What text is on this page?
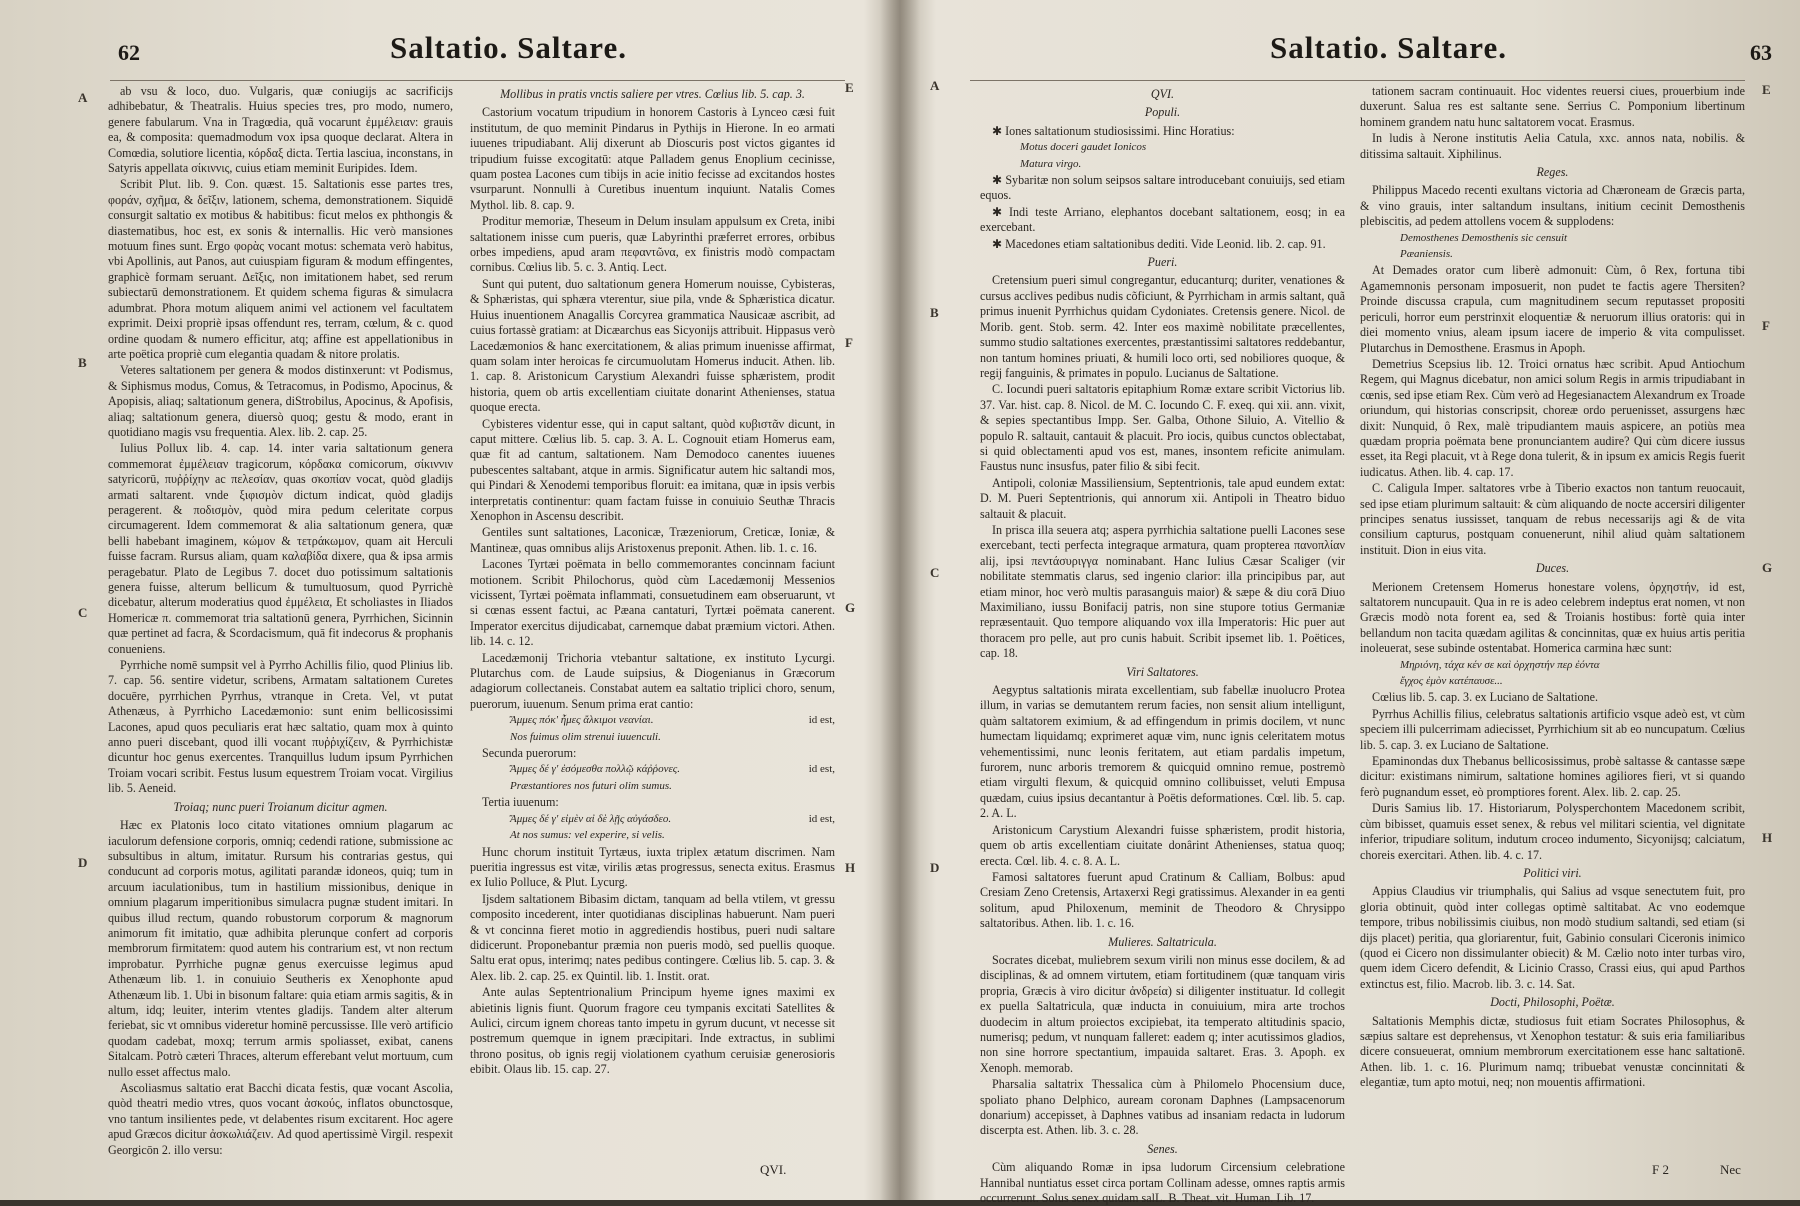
62	Saltatio. Saltare.

ab vsu & loco, duo. Vulgaris, quæ coniugijs ac sacrificijs adhibebatur, & Theatralis. Huius species tres, pro modo, numero, genere fabularum. Vna in Tragœdia, quã vocarunt ἐμμέλειαν: grauis ea, & composita: quemadmodum vox ipsa quoque declarat. Altera in Comœdia, solutiore licentia, κόρδαξ dicta. Tertia lasciua, inconstans, in Satyris appellata σίκιννις, cuius etiam meminit Euripides. Idem.

Scribit Plut. lib. 9. Con. quæst. 15. Saltationis esse partes tres, φοράν, σχῆμα, & δεῖξιν, lationem, schema, demonstrationem. Siquidē consurgit saltatio ex motibus & habitibus: ficut melos ex phthongis & diastematibus, hoc est, ex sonis & internallis. Hic verò mansiones motuum fines sunt. Ergo φορὰς vocant motus: schemata verò habitus, vbi Apollinis, aut Panos, aut cuiuspiam figuram & modum effingentes, graphicè formam seruant. Δεῖξις, non imitationem habet, sed rerum subiectarū demonstrationem. Et quidem schema figuras & simulacra adumbrat. Phora motum aliquem animi vel actionem vel facultatem exprimit. Deixi propriè ipsas offendunt res, terram, cœlum, & c. quod ordine quodam & numero efficitur, atq; affine est appellationibus in arte poëtica propriè cum elegantia quadam & nitore prolatis.

Veteres saltationem per genera & modos distinxerunt: vt Podismus, & Siphismus modus, Comus, & Tetracomus, in Podismo, Apocinus, & Apopisis, aliaq; saltationum genera, diStrobilus, Apocinus, & Apofisis, aliaq; saltationum genera, diuersò quoq; gestu & modo, erant in quotidiano magis vsu frequentia. Alex. lib. 2. cap. 25.

Iulius Pollux lib. 4. cap. 14. inter varia saltationum genera commemorat ἐμμέλειαν tragicorum, κόρδακα comicorum, σίκιννιν satyricorū, πυῤῥίχην ac πελεσίαν, quas σκοπίαν vocat, quòd gladijs armati saltarent. vnde ξιφισμὸν dictum indicat, quòd gladijs peragerent. & ποδισμὸν, quòd mira pedum celeritate corpus circumagerent. Idem commemorat & alia saltationum genera, quæ belli habebant imaginem, κώμον & τετράκωμον, quam ait Herculi fuisse facram. Rursus aliam, quam καλαβίδα dixere, qua & ipsa armis peragebatur. Plato de Legibus 7. docet duo potissimum saltationis genera fuisse, alterum bellicum & tumultuosum, quod Pyrrichè dicebatur, alterum moderatius quod ἐμμέλεια, Et scholiastes in Iliados Homericæ π. commemorat tria saltationū genera, Pyrrhichen, Sicinnin quæ pertinet ad facra, & Scordacismum, quā fit indecorus & prophanis conueniens.

Pyrrhiche nomē sumpsit vel à Pyrrho Achillis filio, quod Plinius lib. 7. cap. 56. sentire videtur, scribens, Armatam saltationem Curetes docuēre, pyrrhichen Pyrrhus, vtranque in Creta. Vel, vt putat Athenæus, à Pyrrhicho Lacedæmonio: sunt enim bellicosissimi Lacones, apud quos peculiaris erat hæc saltatio, quam mox à quinto anno pueri discebant, quod illi vocant πυῤῥιχίζειν, & Pyrrhichistæ dicuntur hoc genus exercentes. Tranquillus ludum ipsum Pyrrhichen Troiam vocari scribit. Festus lusum equestrem Troiam vocat. Virgilius lib. 5. Aeneid.

Troiaq; nunc pueri Troianum dicitur agmen.

Hæc ex Platonis loco citato vitationes omnium plagarum ac iaculorum defensione corporis, omniq; cedendi ratione, submissione ac subsultibus in altum, imitatur. Rursum his contrarias gestus, qui conducunt ad corporis motus, agilitati parandæ idoneos, quiq; tum in arcuum iaculationibus, tum in hastilium missionibus, denique in omnium plagarum imperitionibus simulacra pugnæ student imitari. In quibus illud rectum, quando robustorum corporum & magnorum animorum fit imitatio, quæ adhibita plerunque confert ad corporis membrorum firmitatem: quod autem his contrarium est, vt non rectum improbatur. Pyrrhiche pugnæ genus exercuisse legimus apud Athenæum lib. 1. in conuiuio Seutheris ex Xenophonte apud Athenæum lib. 1. Ubi in bisonum faltare: quia etiam armis sagitis, & in altum, idq; leuiter, interim vtentes gladijs. Tandem alter alterum feriebat, sic vt omnibus videretur hominē percussisse. Ille verò artificio quodam cadebat, moxq; terrum armis spoliasset, exibat, canens Sitalcam. Potrò cæteri Thraces, alterum efferebant velut mortuum, cum nullo esset affectus malo.

Ascoliasmus saltatio erat Bacchi dicata festis, quæ vocant Ascolia, quòd theatri medio vtres, quos vocant ἀσκούς, inflatos obunctosque, vno tantum insilientes pede, vt delabentes risum excitarent. Hoc agere apud Græcos dicitur ἀσκωλιάζειν. Ad quod apertissimè Virgil. respexit Georgicōn 2. illo versu:

Mollibus in pratis vnctis saliere per vtres. Cœlius lib. 5. cap. 3.

Castorium vocatum tripudium in honorem Castoris à Lynceo cæsi fuit institutum, de quo meminit Pindarus in Pythijs in Hierone. In eo armati iuuenes tripudiabant. Alij dixerunt ab Dioscuris post victos gigantes id tripudium fuisse excogitatū: atque Palladem genus Enoplium cecinisse, quam postea Lacones cum tibijs in acie initio fecisse ad excitandos hostes vsurparunt. Nonnulli à Curetibus inuentum inquiunt. Natalis Comes Mythol. lib. 8. cap. 9.

Proditur memoriæ, Theseum in Delum insulam appulsum ex Creta, inibi saltationem inisse cum pueris, quæ Labyrinthi præferret errores, orbibus orbes impediens, apud aram πεφαντῶνα, ex finistris modò compactam cornibus. Cœlius lib. 5. c. 3. Antiq. Lect.

Sunt qui putent, duo saltationum genera Homerum nouisse, Cybisteras, & Sphæristas, qui sphæra vterentur, siue pila, vnde & Sphæristica dicatur. Huius inuentionem Anagallis Corcyrea grammatica Nausicaæ ascribit, ad cuius fortassè gratiam: at Dicæarchus eas Sicyonijs attribuit. Hippasus verò Lacedæmonios & hanc exercitationem, & alias primum inuenisse affirmat, quam solam inter heroicas fe circumuolutam Homerus inducit. Athen. lib. 1. cap. 8. Aristonicum Carystium Alexandri fuisse sphæristem, prodit historia, quem ob artis excellentiam ciuitate donarint Athenienses, statua quoque erecta.

Cybisteres videntur esse, qui in caput saltant, quòd κυβιστᾶν dicunt, in caput mittere. Cœlius lib. 5. cap. 3. A. L. Cognouit etiam Homerus eam, quæ fit ad cantum, saltationem. Nam Demodoco canentes iuuenes pubescentes saltabant, atque in armis. Significatur autem hic saltandi mos, qui Pindari & Xenodemi temporibus floruit: ea imitana, quæ in ipsis verbis interpretatis continentur: quam factam fuisse in conuiuio Seuthæ Thracis Xenophon in Ascensu describit.

Gentiles sunt saltationes, Laconicæ, Træzeniorum, Creticæ, Ioniæ, & Mantineæ, quas omnibus alijs Aristoxenus preponit. Athen. lib. 1. c. 16.

Lacones Tyrtæi poëmata in bello commemorantes concinnam faciunt motionem. Scribit Philochorus, quòd cùm Lacedæmonij Messenios vicissent, Tyrtæi poëmata inflammati, consuetudinem eam obseruarunt, vt si cœnas essent factui, ac Pæana cantaturi, Tyrtæi poëmata canerent. Imperator exercitus dijudicabat, carnemque dabat præmium victori. Athen. lib. 14. c. 12.

Lacedæmonij Trichoria vtebantur saltatione, ex instituto Lycurgi. Plutarchus com. de Laude suipsius, & Diogenianus in Græcorum adagiorum collectaneis. Constabat autem ea saltatio triplici choro, senum, puerorum, iuuenum. Senum prima erat cantio:

Ἄμμες πόκ' ἦμες ἄλκιμοι νεανίαι.	id est,

Nos fuimus olim strenui iuuenculi.

Secunda puerorum:

Ἄμμες δέ γ' ἐσόμεσθα πολλῷ κάῤῥονες.	id est,

Præstantiores nos futuri olim sumus.

Tertia iuuenum:

Ἄμμες δέ γ' εἰμὲν αἰ δὲ λῇς αὐγάσδεο.	id est,

At nos sumus: vel experire, si velis.

Hunc chorum instituit Tyrtæus, iuxta triplex ætatum discrimen. Nam pueritia ingressus est vitæ, virilis ætas progressus, senecta exitus. Erasmus ex Iulio Polluce, & Plut. Lycurg.

Ijsdem saltationem Bibasim dictam, tanquam ad bella vtilem, vt gressu composito incederent, inter quotidianas disciplinas habuerunt. Nam pueri & vt concinna fieret motio in aggrediendis hostibus, pueri nudi saltare didicerunt. Proponebantur præmia non pueris modò, sed puellis quoque. Saltu erat opus, interimq; nates pedibus contingere. Cœlius lib. 5. cap. 3. & Alex. lib. 2. cap. 25. ex Quintil. lib. 1. Instit. orat.

Ante aulas Septentrionalium Principum hyeme ignes maximi ex abietinis lignis fiunt. Quorum fragore ceu tympanis excitati Satellites & Aulici, circum ignem choreas tanto impetu in gyrum ducunt, vt necesse sit postremum quemque in ignem præcipitari. Inde extractus, in sublimi throno positus, ob ignis regij violationem cyathum ceruisiæ generosioris ebibit. Olaus lib. 15. cap. 27.

A
B
C
D
E
F
G
H
QVI.
Saltatio. Saltare.	63

QVI.

Populi.

✱ Iones saltationum studiosissimi. Hinc Horatius:

Motus doceri gaudet Ionicos

Matura virgo.

✱ Sybaritæ non solum seipsos saltare introducebant conuiuijs, sed etiam equos.

✱ Indi teste Arriano, elephantos docebant saltationem, eosq; in ea exercebant.

✱ Macedones etiam saltationibus dediti. Vide Leonid. lib. 2. cap. 91.

Pueri.

Cretensium pueri simul congregantur, educanturq; duriter, venationes & cursus acclives pedibus nudis cõficiunt, & Pyrrhicham in armis saltant, quã primus inuenit Pyrrhichus quidam Cydoniates. Cretensis genere. Nicol. de Morib. gent. Stob. serm. 42. Inter eos maximè nobilitate præcellentes, summo studio saltationes exercentes, præstantissimi saltatores reddebantur, non tantum homines priuati, & humili loco orti, sed nobiliores quoque, & regij fanguinis, & primates in populo. Lucianus de Saltatione.

C. Iocundi pueri saltatoris epitaphium Romæ extare scribit Victorius lib. 37. Var. hist. cap. 8. Nicol. de M. C. Iocundo C. F. exeq. qui xii. ann. vixit, & sepies spectantibus Impp. Ser. Galba, Othone Siluio, A. Vitellio & populo R. saltauit, cantauit & placuit. Pro iocis, quibus cunctos oblectabat, si quid oblectamenti apud vos est, manes, insontem reficite animulam. Faustus nunc insusfus, pater filio & sibi fecit.

Antipoli, coloniæ Massiliensium, Septentrionis, tale apud eundem extat: D. M. Pueri Septentrionis, qui annorum xii. Antipoli in Theatro biduo saltauit & placuit.

In prisca illa seuera atq; aspera pyrrhichia saltatione puelli Lacones sese exercebant, tecti perfecta integraque armatura, quam propterea πανοπλίαν alij, ipsi πεντάσυριγγα nominabant. Hanc Iulius Cæsar Scaliger (vir nobilitate stemmatis clarus, sed ingenio clarior: illa principibus par, aut etiam minor, hoc verò multis parasanguis maior) & sæpe & diu corā Diuo Maximiliano, iussu Bonifacij patris, non sine stupore totius Germaniæ repræsentauit. Quo tempore aliquando vox illa Imperatoris: Hic puer aut thoracem pro pelle, aut pro cunis habuit. Scribit ipsemet lib. 1. Poëtices, cap. 18.

Viri Saltatores.

Aegyptus saltationis mirata excellentiam, sub fabellæ inuolucro Protea illum, in varias se demutantem rerum facies, non sensit alium intelligunt, quàm saltatorem eximium, & ad effingendum in primis docilem, vt nunc humectam liquidamq; exprimeret aquæ vim, nunc ignis celeritatem motus vehementissimi, nunc leonis feritatem, aut etiam pardalis impetum, furorem, nunc arboris tremorem & quicquid omnino remue, postremò etiam virgulti flexum, & quicquid omnino collibuisset, veluti Empusa quædam, cuius ipsius decantantur à Poëtis deformationes. Cœl. lib. 5. cap. 2. A. L.

Aristonicum Carystium Alexandri fuisse sphæristem, prodit historia, quem ob artis excellentiam ciuitate donârint Athenienses, statua quoq; erecta. Cœl. lib. 4. c. 8. A. L.

Famosi saltatores fuerunt apud Cratinum & Calliam, Bolbus: apud Cresiam Zeno Cretensis, Artaxerxi Regi gratissimus. Alexander in ea genti solitum, apud Philoxenum, meminit de Theodoro & Chrysippo saltatoribus. Athen. lib. 1. c. 16.

Mulieres. Saltatricula.

Socrates dicebat, muliebrem sexum virili non minus esse docilem, & ad disciplinas, & ad omnem virtutem, etiam fortitudinem (quæ tanquam viris propria, Græcis à viro dicitur ἀνδρεία) si diligenter instituatur. Id collegit ex puella Saltatricula, quæ inducta in conuiuium, mira arte trochos duodecim in altum proiectos excipiebat, ita temperato altitudinis spacio, numerisq; pedum, vt nunquam falleret: eadem q; inter acutissimos gladios, non sine horrore spectantium, impauida saltaret. Eras. 3. Apoph. ex Xenoph. memorab.

Pharsalia saltatrix Thessalica cùm à Philomelo Phocensium duce, spoliato phano Delphico, auream coronam Daphnes (Lampsacenorum donarium) accepisset, à Daphnes vatibus ad insaniam redacta in ludorum discerpta est. Athen. lib. 3. c. 28.

Senes.

Cùm aliquando Romæ in ipsa ludorum Circensium celebratione Hannibal nuntiatus esset circa portam Collinam adesse, omnes raptis armis occurrerunt. Solus senex quidam salL. B. Theat. vit. Human. Lib. 17.

tationem sacram continuauit. Hoc videntes reuersi ciues, prouerbium inde duxerunt. Salua res est saltante sene. Serrius C. Pomponium libertinum hominem grandem natu hunc saltatorem vocat. Erasmus.

In ludis à Nerone institutis Aelia Catula, xxc. annos nata, nobilis. & ditissima saltauit. Xiphilinus.

Reges.

Philippus Macedo recenti exultans victoria ad Chæroneam de Græcis parta, & vino grauis, inter saltandum insultans, initium cecinit Demosthenis plebiscitis, ad pedem attollens vocem & supplodens:

Demosthenes Demosthenis sic censuit

Pæaniensis.

At Demades orator cum liberè admonuit: Cùm, ô Rex, fortuna tibi Agamemnonis personam imposuerit, non pudet te factis agere Thersiten? Proinde discussa crapula, cum magnitudinem secum reputasset propositi periculi, horror eum perstrinxit eloquentiæ & neruorum illius oratoris: qui in diei momento vnius, aleam ipsum iacere de imperio & vita compulisset. Plutarchus in Demosthene. Erasmus in Apoph.

Demetrius Scepsius lib. 12. Troici ornatus hæc scribit. Apud Antiochum Regem, qui Magnus dicebatur, non amici solum Regis in armis tripudiabant in cœnis, sed ipse etiam Rex. Cùm verò ad Hegesianactem Alexandrum ex Troade oriundum, qui historias conscripsit, choreæ ordo peruenisset, assurgens hæc dixit: Nunquid, ô Rex, malè tripudiantem mauis aspicere, an potiùs mea quædam propria poëmata bene pronunciantem audire? Qui cùm dicere iussus esset, ita Regi placuit, vt à Rege dona tulerit, & in ipsum ex amicis Regis fuerit iudicatus. Athen. lib. 4. cap. 17.

C. Caligula Imper. saltatores vrbe à Tiberio exactos non tantum reuocauit, sed ipse etiam plurimum saltauit: & cùm aliquando de nocte accersiri diligenter principes senatus iussisset, tanquam de rebus necessarijs agi & de vita consilium capturus, postquam conuenerunt, nihil aliud quàm saltationem instituit. Dion in eius vita.

Duces.

Merionem Cretensem Homerus honestare volens, ὀρχηστήν, id est, saltatorem nuncupauit. Qua in re is adeo celebrem indeptus erat nomen, vt non Græcis modò nota forent ea, sed & Troianis hostibus: fortè quia inter bellandum non tacita quædam agilitas & concinnitas, quæ ex huius artis peritia inolеuerat, sese subinde ostentabat. Homerica carmina hæc sunt:

Μηριόνη, τάχα κέν σε καὶ ὀρχηστήν περ ἐόντα

ἔγχος ἐμὸν κατέπαυσε...

Cœlius lib. 5. cap. 3. ex Luciano de Saltatione.

Pyrrhus Achillis filius, celebratus saltationis artificio vsque adeò est, vt cùm speciem illi pulcerrimam adiecisset, Pyrrhichium sit ab eo nuncupatum. Cœlius lib. 5. cap. 3. ex Luciano de Saltatione.

Epaminondas dux Thebanus bellicosissimus, probè saltasse & cantasse sæpe dicitur: existimans nimirum, saltatione homines agiliores fieri, vt si quando ferò pugnandum esset, eò promptiores forent. Alex. lib. 2. cap. 25.

Duris Samius lib. 17. Historiarum, Polysperchontem Macedonem scribit, cùm bibisset, quamuis esset senex, & rebus vel militari scientia, vel dignitate inferior, tripudiare solitum, indutum croceo indumento, Sicyonijsq; calciatum, choreis exercitari. Athen. lib. 4. c. 17.

Politici viri.

Appius Claudius vir triumphalis, qui Salius ad vsque senectutem fuit, pro gloria obtinuit, quòd inter collegas optimè saltitabat. Ac vno eodemque tempore, tribus nobilissimis ciuibus, non modò studium saltandi, sed etiam (si dijs placet) peritia, qua gloriarentur, fuit, Gabinio consulari Ciceronis inimico (quod ei Cicero non dissimulanter obiecit) & M. Cælio noto inter turbas viro, quem idem Cicero defendit, & Licinio Crasso, Crassi eius, qui apud Parthos extinctus est, filio. Macrob. lib. 3. c. 14. Sat.

Docti, Philosophi, Poëtæ.

Saltationis Memphis dictæ, studiosus fuit etiam Socrates Philosophus, & sæpius saltare est deprehensus, vt Xenophon testatur: & suis eria familiaribus dicere consueuerat, omnium membrorum exercitationem esse hanc saltationē. Athen. lib. 1. c. 16. Plurimum namq; tribuebat venustæ concinnitati & elegantiæ, tum apto motui, neq; non mouentis affirmationi.

A
B
C
D
E
F
G
H
F 2	Nec
